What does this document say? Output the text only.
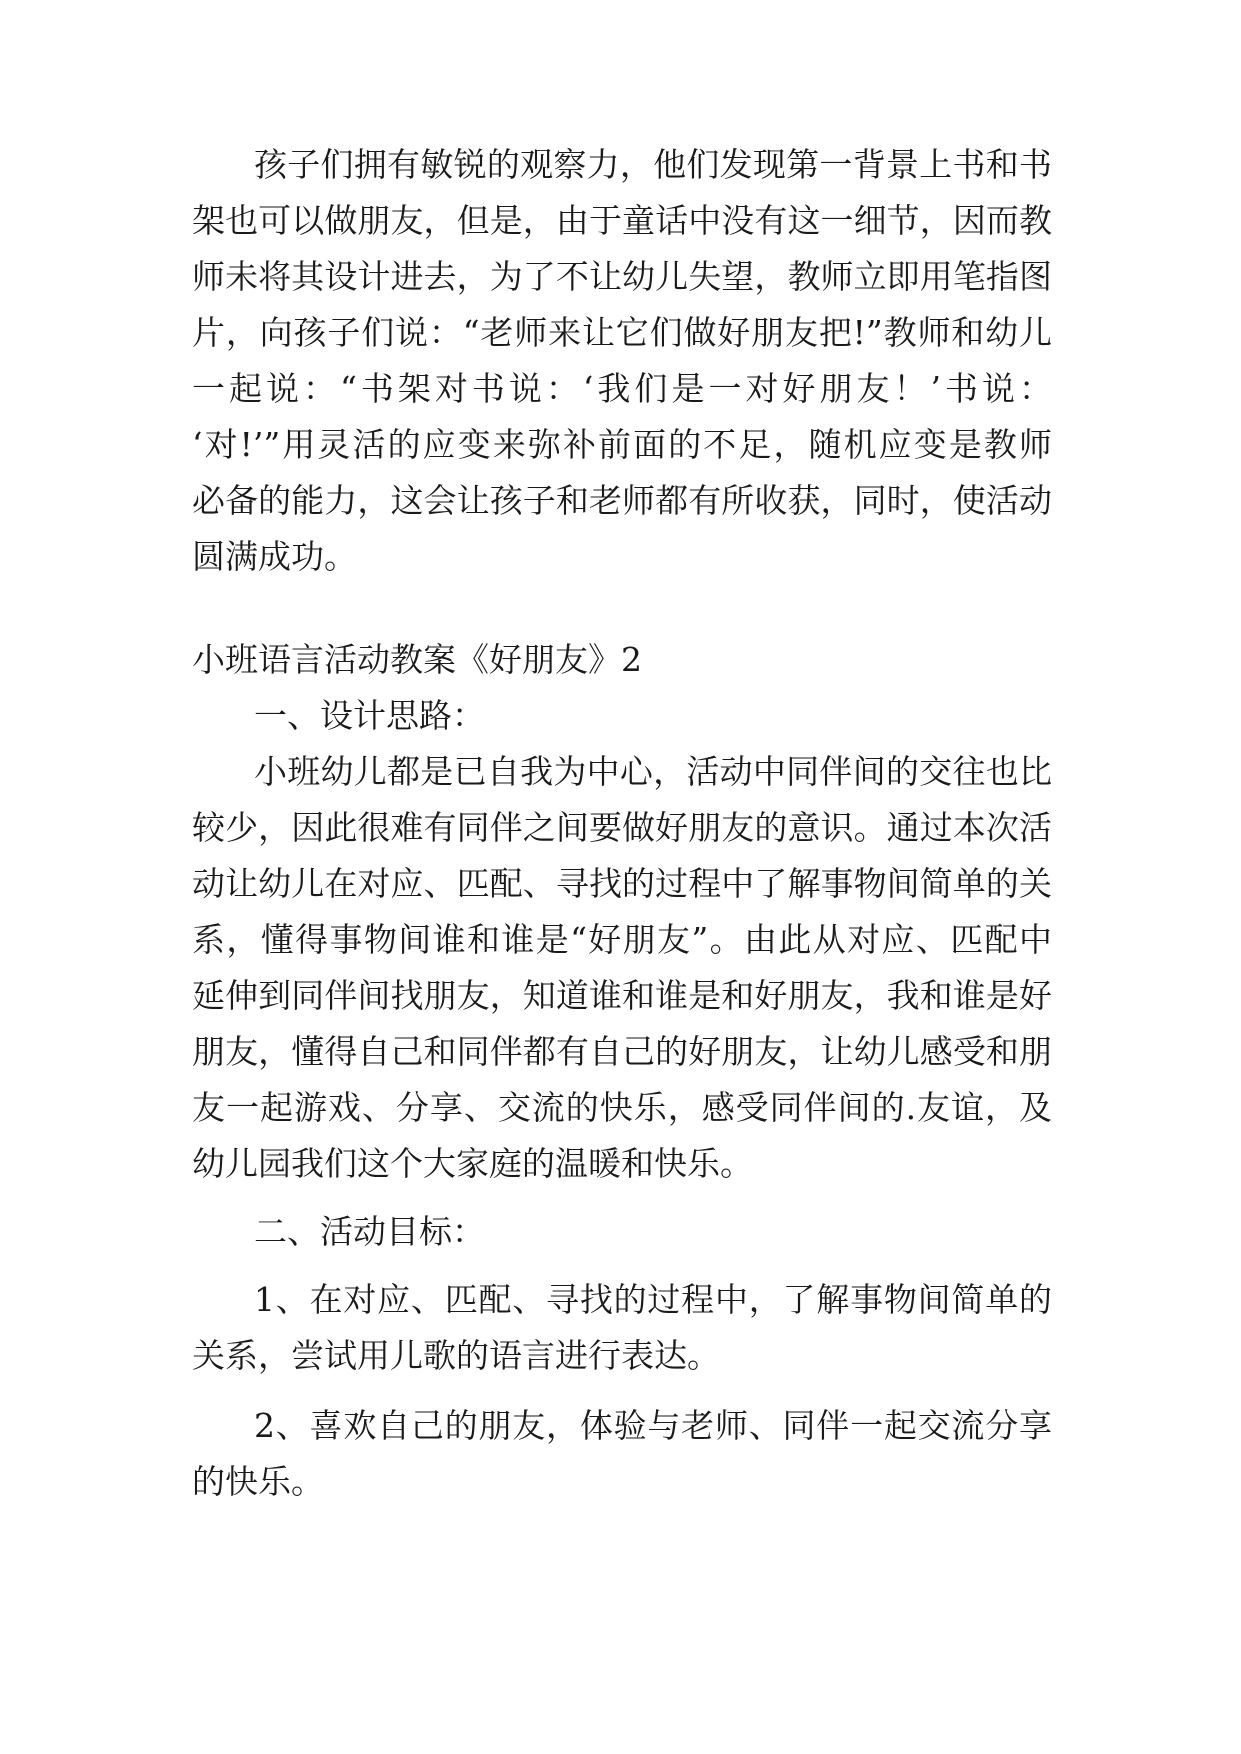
孩子们拥有敏锐的观察力，他们发现第一背景上书和书
架也可以做朋友，但是，由于童话中没有这一细节，因而教
师未将其设计进去，为了不让幼儿失望，教师立即用笔指图
片，向孩子们说：“老师来让它们做好朋友把!”教师和幼儿
一起说：“书架对书说：‘我们是一对好朋友！’书说：
‘对!’”用灵活的应变来弥补前面的不足，随机应变是教师
必备的能力，这会让孩子和老师都有所收获，同时，使活动
圆满成功。
小班语言活动教案《好朋友》2
一、设计思路：
小班幼儿都是已自我为中心，活动中同伴间的交往也比
较少，因此很难有同伴之间要做好朋友的意识。通过本次活
动让幼儿在对应、匹配、寻找的过程中了解事物间简单的关
系，懂得事物间谁和谁是“好朋友”。由此从对应、匹配中
延伸到同伴间找朋友，知道谁和谁是和好朋友，我和谁是好
朋友，懂得自己和同伴都有自己的好朋友，让幼儿感受和朋
友一起游戏、分享、交流的快乐，感受同伴间的.友谊，及
幼儿园我们这个大家庭的温暖和快乐。
二、活动目标：
1、在对应、匹配、寻找的过程中，了解事物间简单的
关系，尝试用儿歌的语言进行表达。
2、喜欢自己的朋友，体验与老师、同伴一起交流分享
的快乐。
